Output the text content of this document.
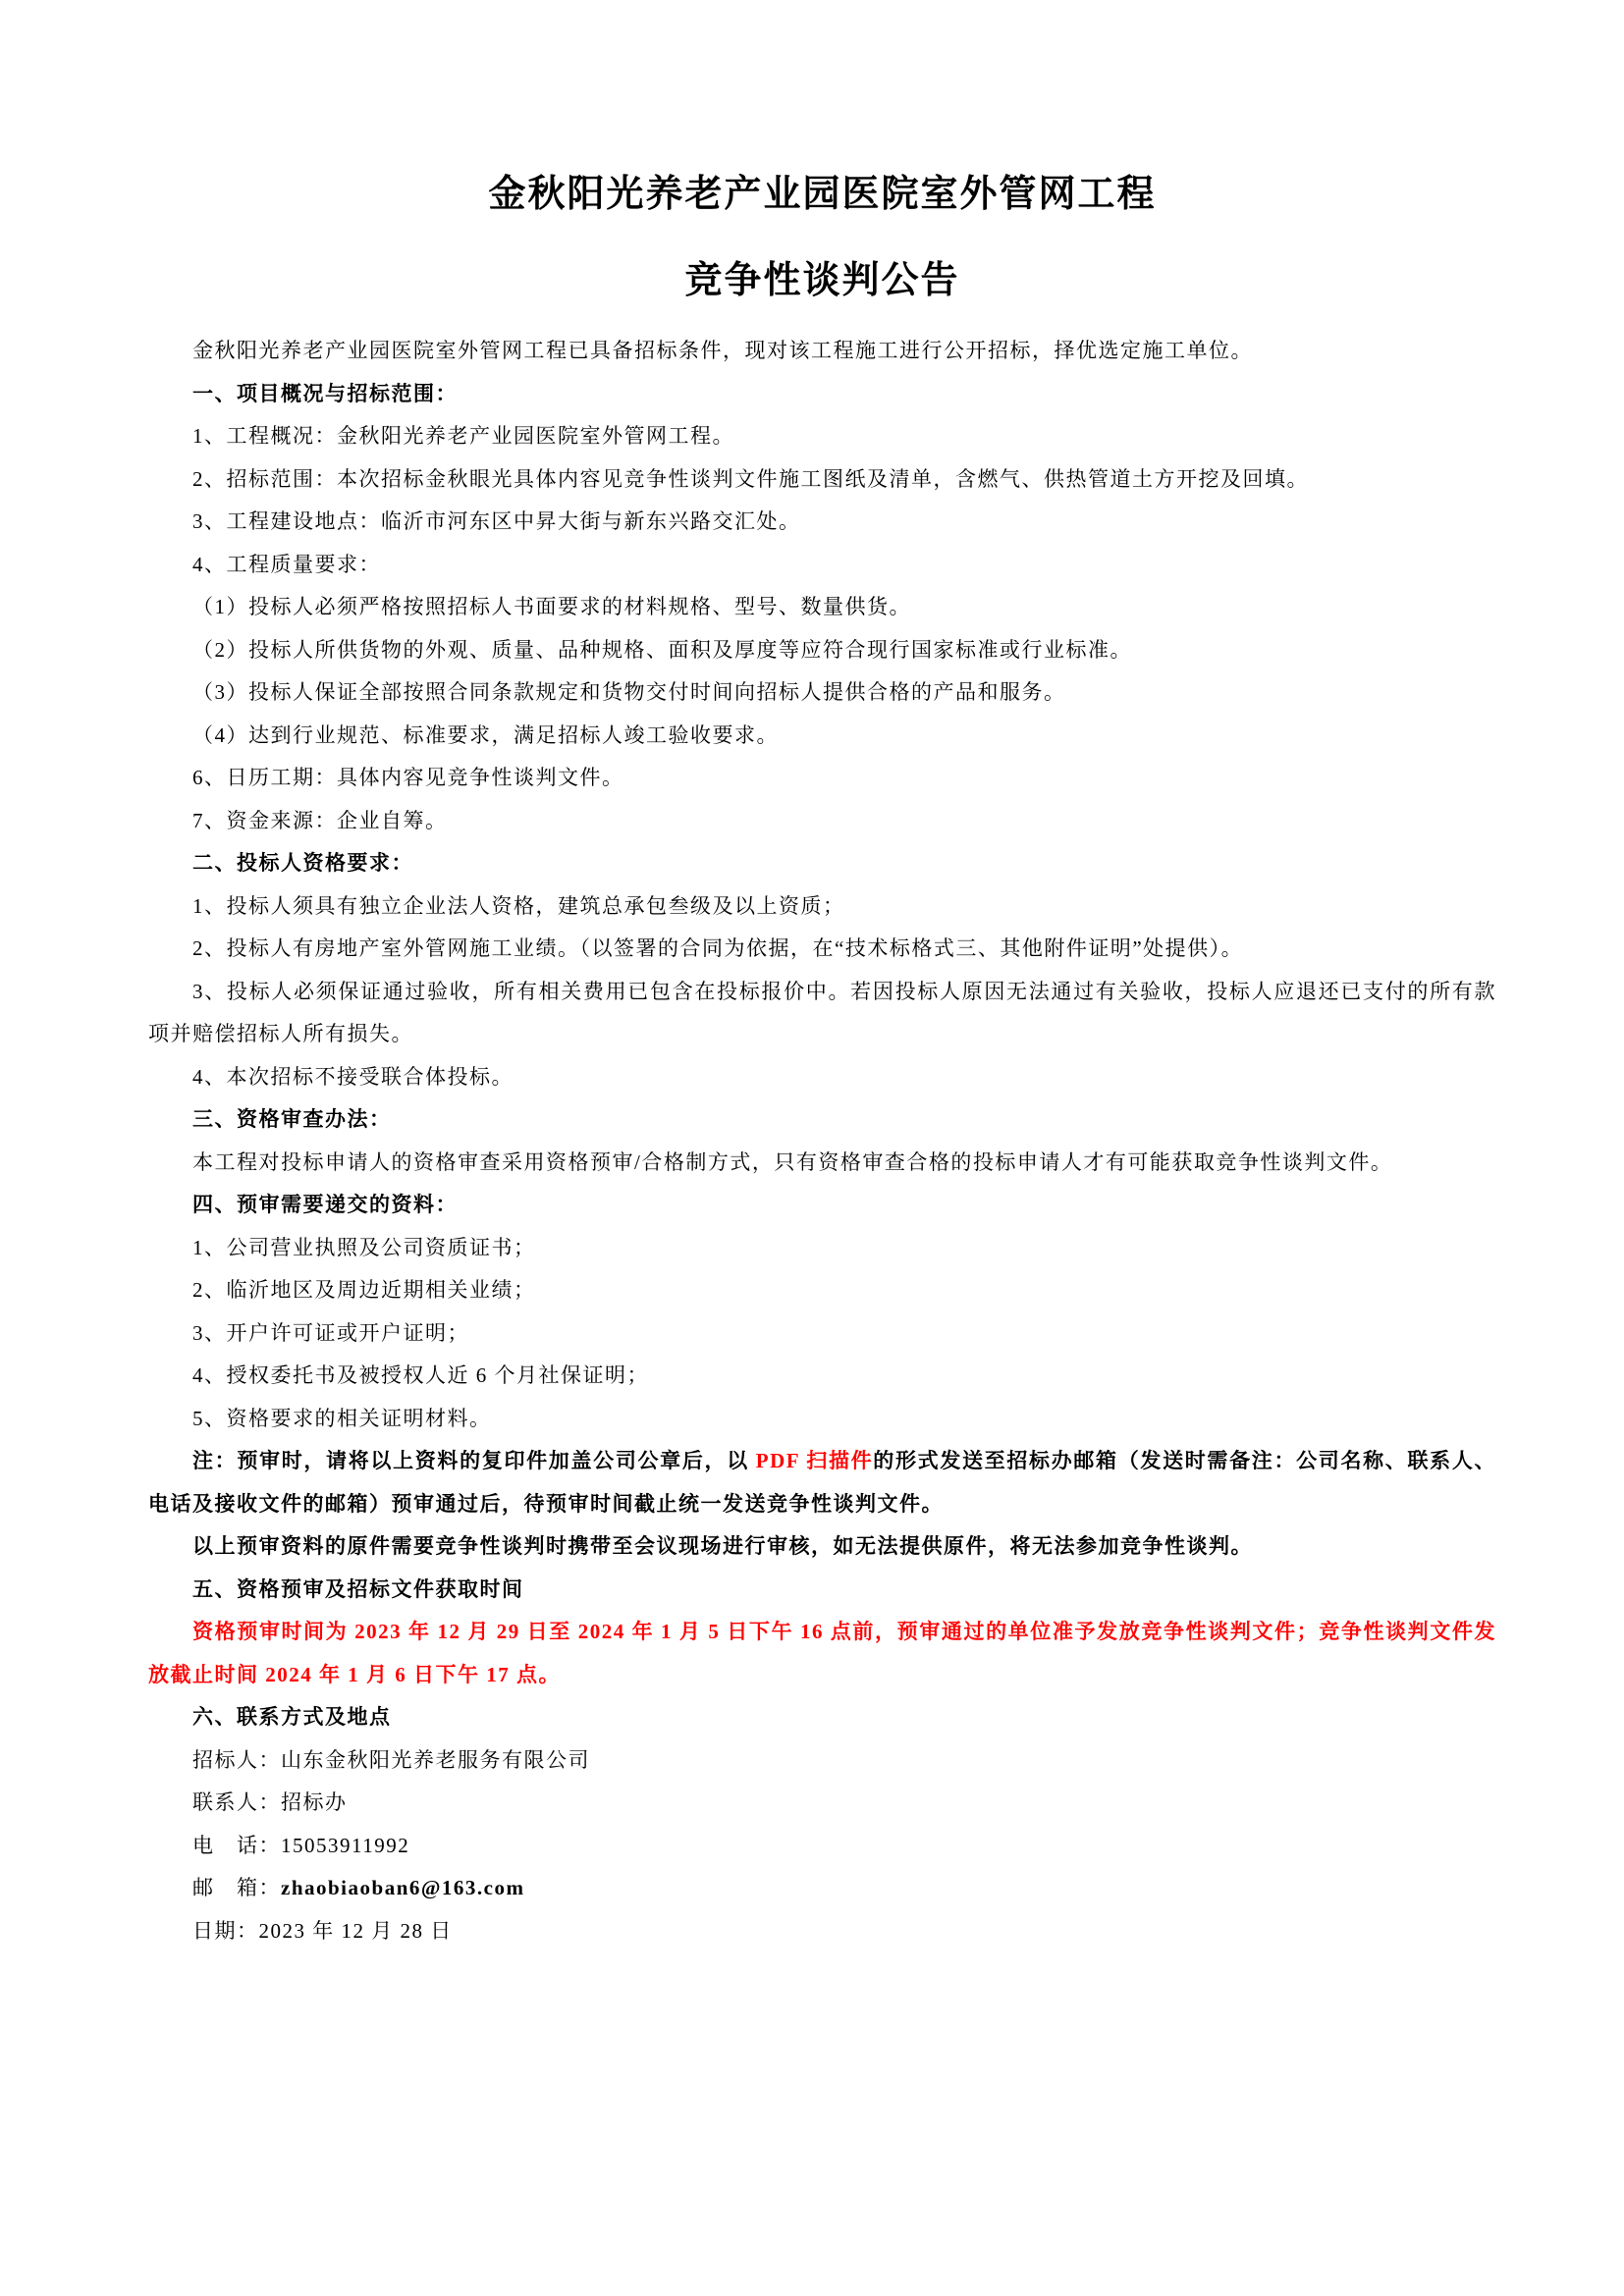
金秋阳光养老产业园医院室外管网工程
竞争性谈判公告
金秋阳光养老产业园医院室外管网工程已具备招标条件，现对该工程施工进行公开招标，择优选定施工单位。
一、项目概况与招标范围：
1、工程概况：金秋阳光养老产业园医院室外管网工程。
2、招标范围：本次招标金秋眼光具体内容见竞争性谈判文件施工图纸及清单，含燃气、供热管道土方开挖及回填。
3、工程建设地点：临沂市河东区中昇大街与新东兴路交汇处。
4、工程质量要求：
（1）投标人必须严格按照招标人书面要求的材料规格、型号、数量供货。
（2）投标人所供货物的外观、质量、品种规格、面积及厚度等应符合现行国家标准或行业标准。
（3）投标人保证全部按照合同条款规定和货物交付时间向招标人提供合格的产品和服务。
（4）达到行业规范、标准要求，满足招标人竣工验收要求。
6、日历工期：具体内容见竞争性谈判文件。
7、资金来源：企业自筹。
二、投标人资格要求：
1、投标人须具有独立企业法人资格，建筑总承包叁级及以上资质；
2、投标人有房地产室外管网施工业绩。（以签署的合同为依据，在“技术标格式三、其他附件证明”处提供）。
3、投标人必须保证通过验收，所有相关费用已包含在投标报价中。若因投标人原因无法通过有关验收，投标人应退还已支付的所有款项并赔偿招标人所有损失。
4、本次招标不接受联合体投标。
三、资格审查办法：
本工程对投标申请人的资格审查采用资格预审/合格制方式，只有资格审查合格的投标申请人才有可能获取竞争性谈判文件。
四、预审需要递交的资料：
1、公司营业执照及公司资质证书；
2、临沂地区及周边近期相关业绩；
3、开户许可证或开户证明；
4、授权委托书及被授权人近 6 个月社保证明；
5、资格要求的相关证明材料。
注：预审时，请将以上资料的复印件加盖公司公章后，以 PDF 扫描件的形式发送至招标办邮箱（发送时需备注：公司名称、联系人、电话及接收文件的邮箱）预审通过后，待预审时间截止统一发送竞争性谈判文件。
以上预审资料的原件需要竞争性谈判时携带至会议现场进行审核，如无法提供原件，将无法参加竞争性谈判。
五、资格预审及招标文件获取时间
资格预审时间为 2023 年 12 月 29 日至 2024 年 1 月 5 日下午 16 点前，预审通过的单位准予发放竞争性谈判文件；竞争性谈判文件发放截止时间 2024 年 1 月 6 日下午 17 点。
六、联系方式及地点
招标人：山东金秋阳光养老服务有限公司
联系人：招标办
电　话：15053911992
邮　箱：zhaobiaoban6@163.com
日期：2023 年 12 月 28 日
